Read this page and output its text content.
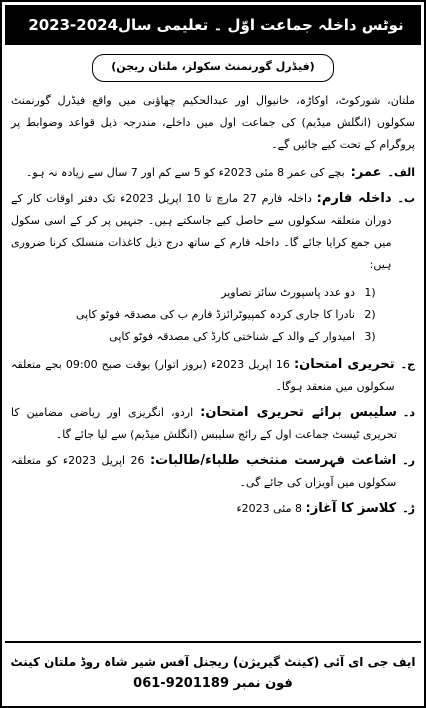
2023-2024 نوٹس داخلہ جماعت اوّل ۔ تعلیمی سال
(فیڈرل گورنمنٹ سکولز، ملتان ریجن)

ملتان، شورکوٹ، اوکاڑہ، خانیوال اور عبدالحکیم چھاؤنی میں واقع فیڈرل گورنمنٹ سکولوں (انگلش میڈیم) کی جماعت اول میں داخلے، مندرجہ ذیل قواعد وضوابط پر پروگرام کے تحت کیے جائیں گے۔

الف۔
عمر:
بچے کی عمر 8 مئی 2023ء کو 5 سے کم اور 7 سال سے زیادہ نہ ہو۔
ب۔
داخلہ فارم: داخلہ فارم 27 مارچ تا 10 اپریل 2023ء تک دفتر اوقات کار کے دوران متعلقہ سکولوں سے حاصل کیے جاسکتے ہیں۔ جنہیں پر کر کے اسی سکول میں جمع کرایا جائے گا۔ داخلہ فارم کے ساتھ درج ذیل کاغذات منسلک کرنا ضروری ہیں:
1)
دو عدد پاسپورٹ سائز تصاویر
2)
نادرا کا جاری کردہ کمپیوٹرائزڈ فارم ب کی مصدقہ فوٹو کاپی
3)
امیدوار کے والد کے شناختی کارڈ کی مصدقہ فوٹو کاپی
ج۔
تحریری امتحان: 16 اپریل 2023ء (بروز اتوار) بوقت صبح 09:00 بجے متعلقہ سکولوں میں منعقد ہوگا۔
د۔
سلیبس برائے تحریری امتحان: اردو، انگریزی اور ریاضی مضامین کا تحریری ٹیسٹ جماعت اول کے رائج سلیبس (انگلش میڈیم) سے لیا جائے گا۔
ر۔
اشاعت فہرست منتخب طلباء/طالبات: 26 اپریل 2023ء کو متعلقہ سکولوں میں آویزاں کی جائے گی۔
ڑ۔
کلاسز کا آغاز: 8 مئی 2023ء
ایف جی ای آئی (کینٹ گیریژن) ریجنل آفس شیر شاہ روڈ ملتان کینٹ
فون نمبر 061-9201189
